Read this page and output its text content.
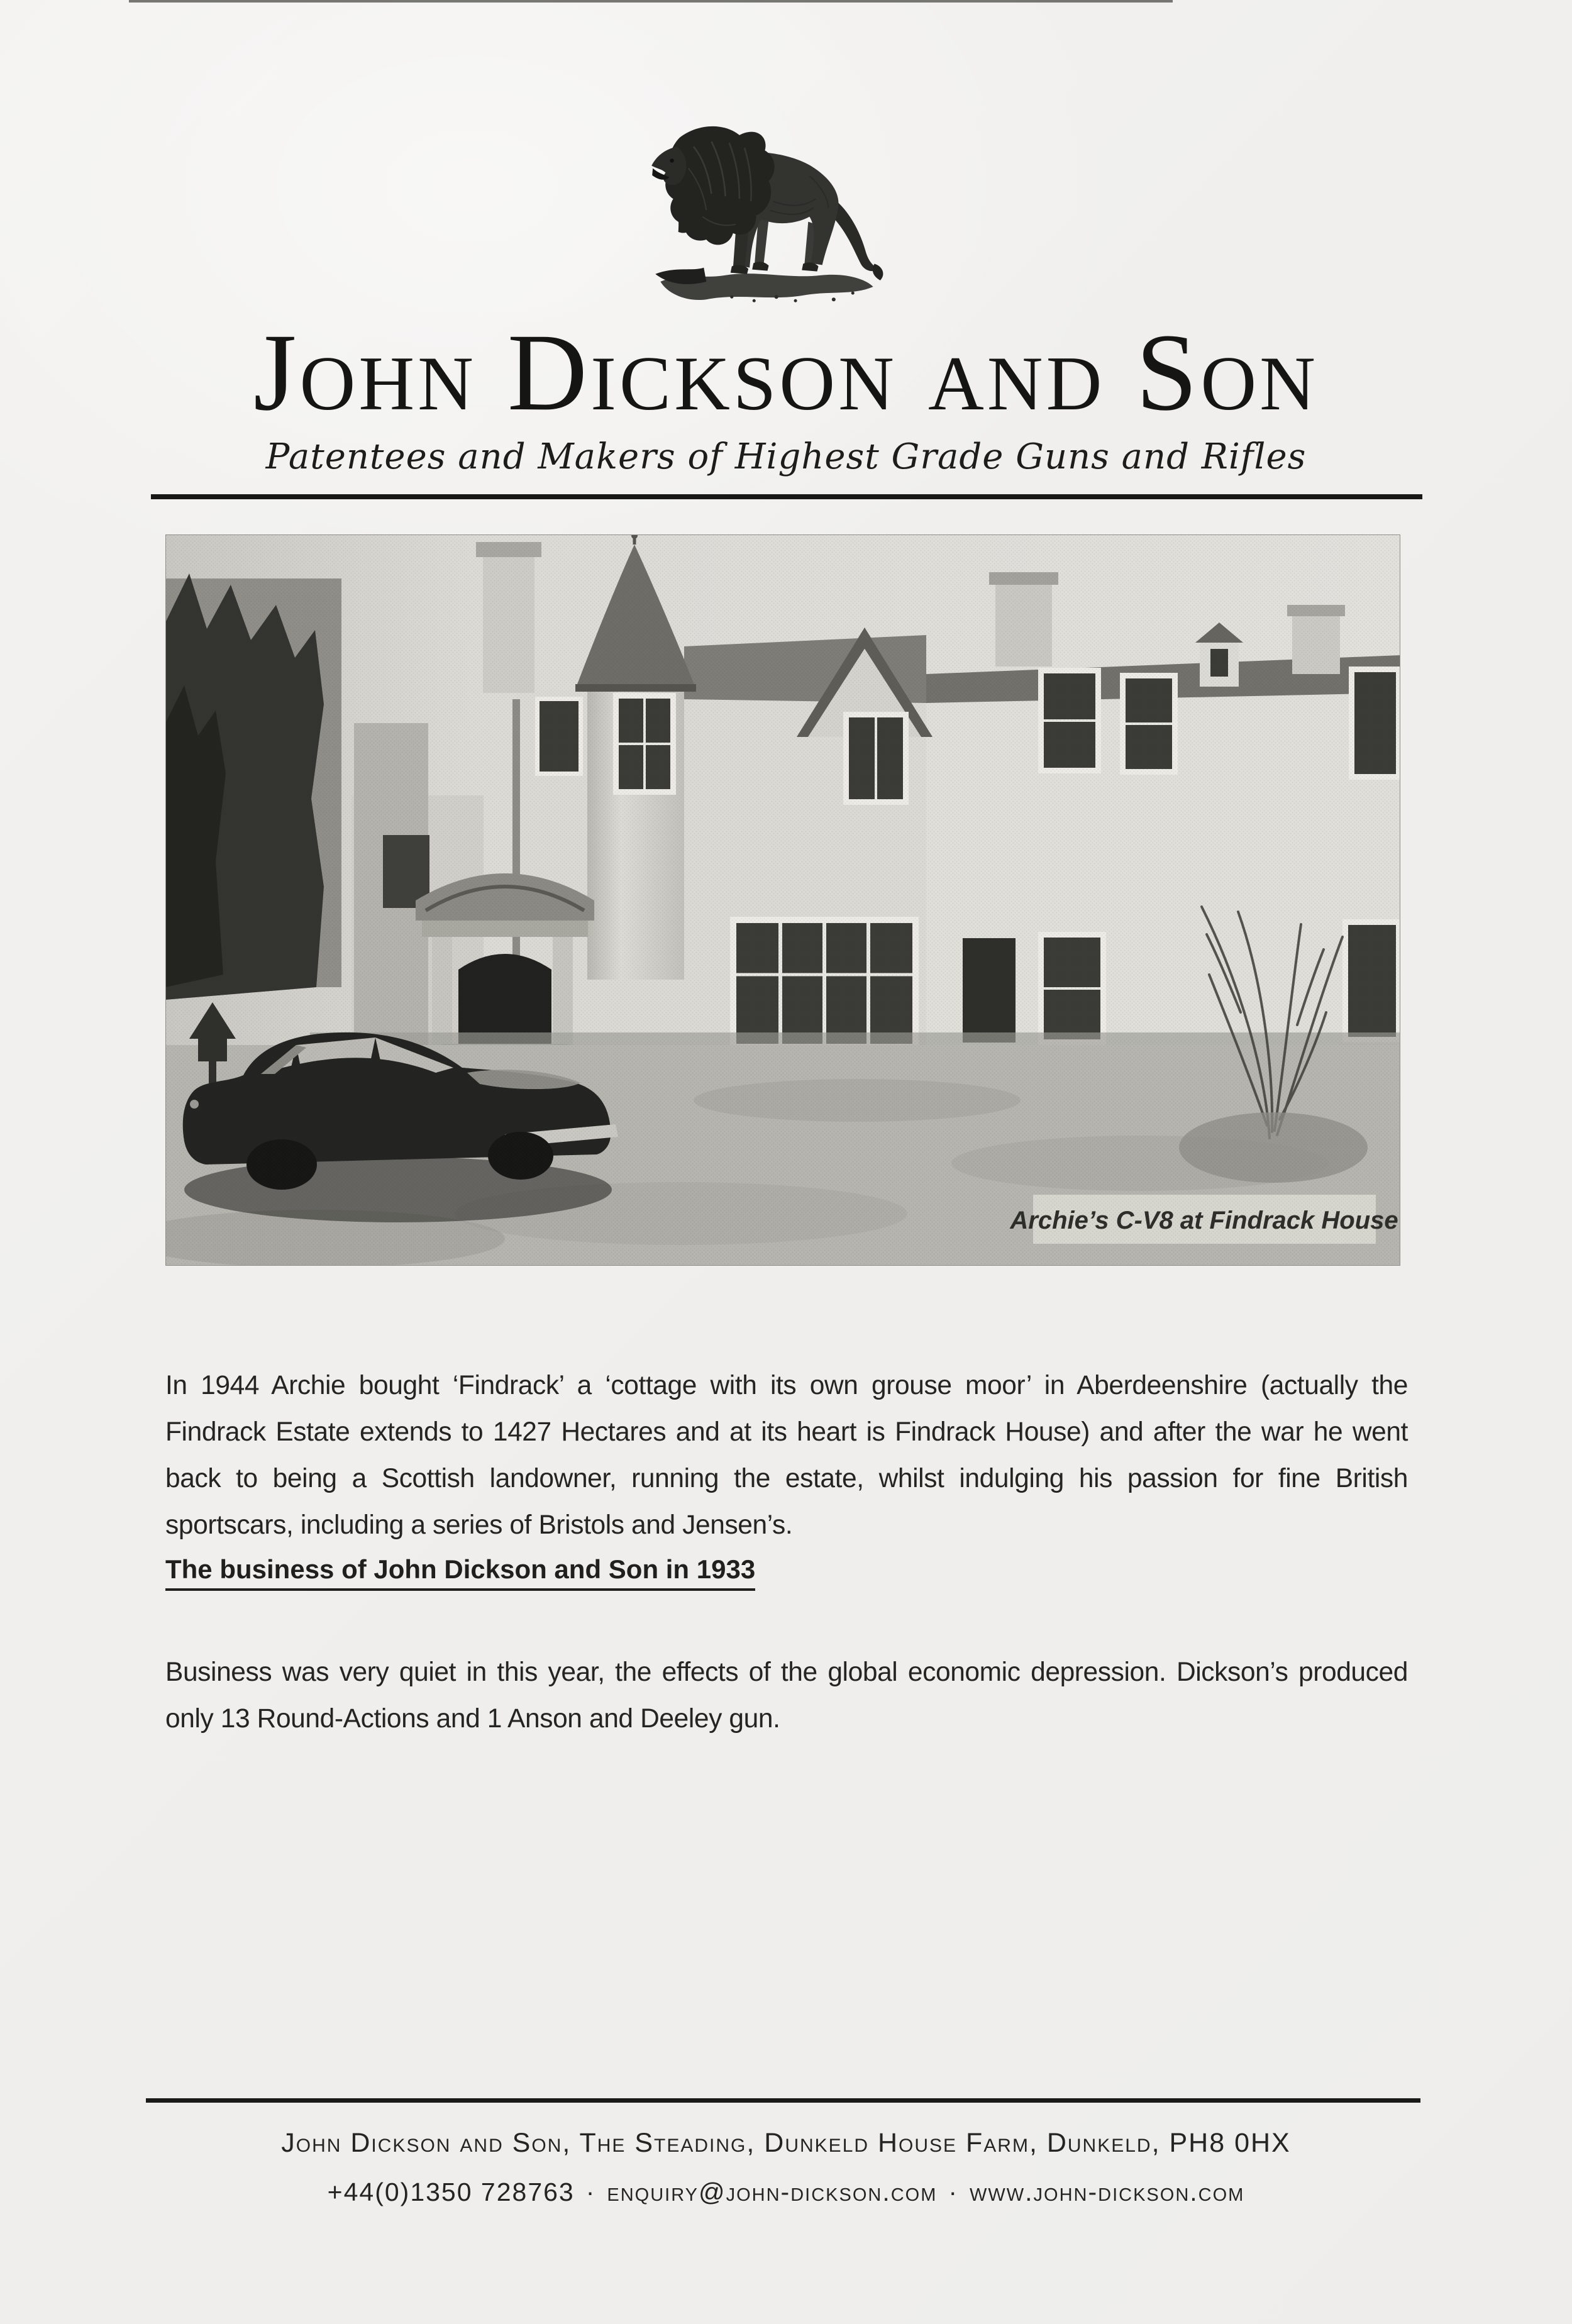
John Dickson and Son
Patentees and Makers of Highest Grade Guns and Rifles

In 1944 Archie bought ‘Findrack’ a ‘cottage with its own grouse moor’ in Aberdeenshire (actually the Findrack Estate extends to 1427 Hectares and at its heart is Findrack House) and after the war he went back to being a Scottish landowner, running the estate, whilst indulging his passion for fine British sportscars, including a series of Bristols and Jensen’s.

The business of John Dickson and Son in 1933

Business was very quiet in this year, the effects of the global economic depression. Dickson’s produced only 13 Round-Actions and 1 Anson and Deeley gun.

John Dickson and Son, The Steading, Dunkeld House Farm, Dunkeld, PH8 0HX
+44(0)1350 728763 · enquiry@john-dickson.com · www.john-dickson.com
